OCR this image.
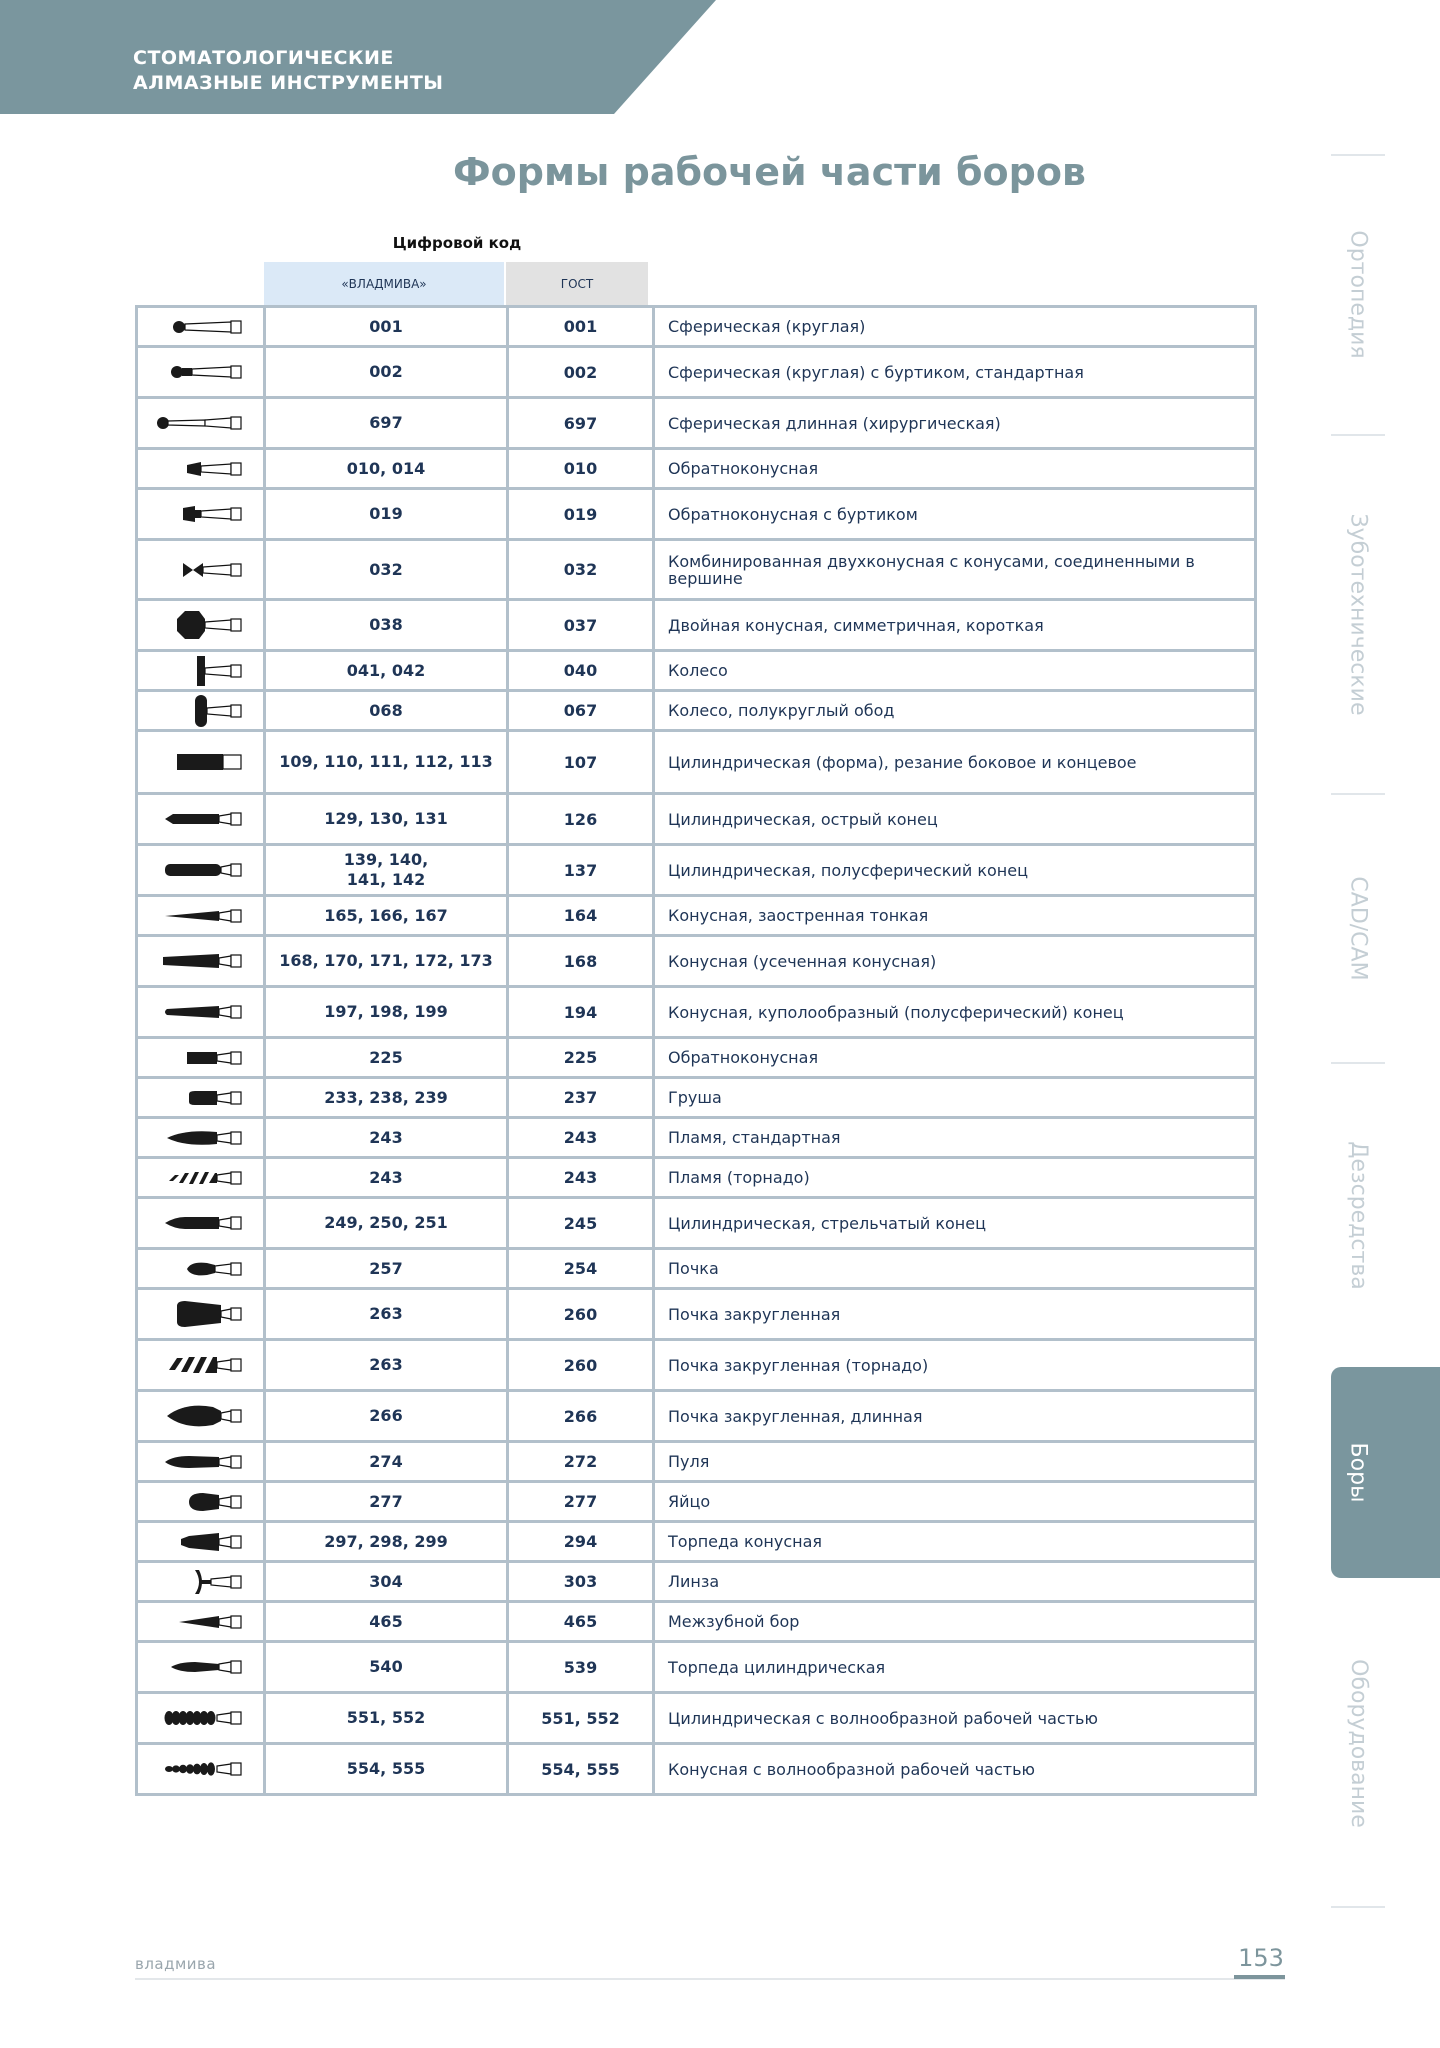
СТОМАТОЛОГИЧЕСКИЕ
АЛМАЗНЫЕ ИНСТРУМЕНТЫ
Формы рабочей части боров
Цифровой код
«ВЛАДМИВА»	ГОСТ
	001	001	Сферическая (круглая)

	002	002	Сферическая (круглая) с буртиком, стандартная

	697	697	Сферическая длинная (хирургическая)

	010, 014	010	Обратноконусная

	019	019	Обратноконусная с буртиком

	032	032	Комбинированная двухконусная с конусами, соединенными в вершине

	038	037	Двойная конусная, симметричная, короткая

	041, 042	040	Колесо

	068	067	Колесо, полукруглый обод

	109, 110, 111, 112, 113	107	Цилиндрическая (форма), резание боковое и концевое

	129, 130, 131	126	Цилиндрическая, острый конец

	139, 140,
141, 142	137	Цилиндрическая, полусферический конец

	165, 166, 167	164	Конусная, заостренная тонкая

	168, 170, 171, 172, 173	168	Конусная (усеченная конусная)

	197, 198, 199	194	Конусная, куполообразный (полусферический) конец

	225	225	Обратноконусная

	233, 238, 239	237	Груша

	243	243	Пламя, стандартная

	243	243	Пламя (торнадо)

	249, 250, 251	245	Цилиндрическая, стрельчатый конец

	257	254	Почка

	263	260	Почка закругленная

	263	260	Почка закругленная (торнадо)

	266	266	Почка закругленная, длинная

	274	272	Пуля

	277	277	Яйцо

	297, 298, 299	294	Торпеда конусная

	304	303	Линза

	465	465	Межзубной бор

	540	539	Торпеда цилиндрическая

	551, 552	551, 552	Цилиндрическая с волнообразной рабочей частью

	554, 555	554, 555	Конусная с волнообразной рабочей частью
Ортопедия
Зуботехнические
CAD/CAM
Дезсредства
Боры
Оборудование
владмива	153
